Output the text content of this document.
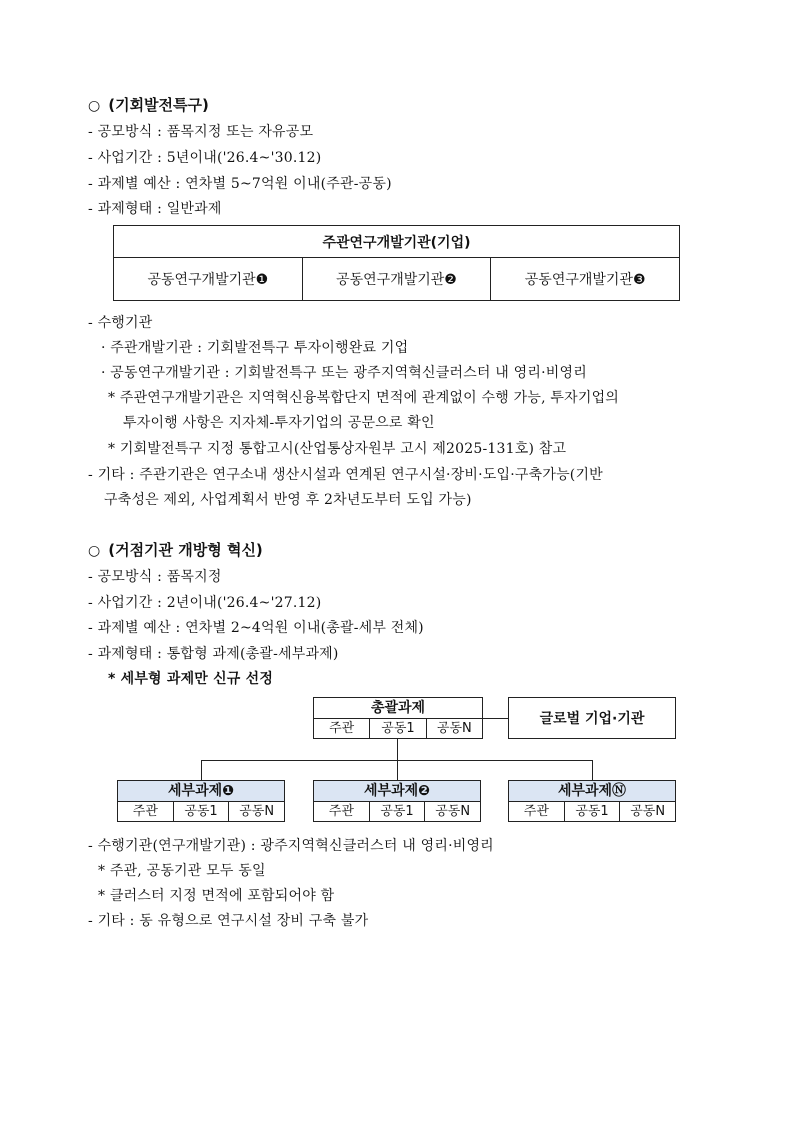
○ (기회발전특구)
- 공모방식 : 품목지정 또는 자유공모
- 사업기간 : 5년이내('26.4~'30.12)
- 과제별 예산 : 연차별 5~7억원 이내(주관-공동)
- 과제형태 : 일반과제
주관연구개발기관(기업)
공동연구개발기관❶	공동연구개발기관❷	공동연구개발기관❸
- 수행기관
· 주관개발기관 : 기회발전특구 투자이행완료 기업
· 공동연구개발기관 : 기회발전특구 또는 광주지역혁신클러스터 내 영리·비영리
* 주관연구개발기관은 지역혁신융복합단지 면적에 관계없이 수행 가능, 투자기업의
투자이행 사항은 지자체-투자기업의 공문으로 확인
* 기회발전특구 지정 통합고시(산업통상자원부 고시 제2025-131호) 참고
- 기타 : 주관기관은 연구소내 생산시설과 연계된 연구시설·장비·도입·구축가능(기반
구축성은 제외, 사업계획서 반영 후 2차년도부터 도입 가능)
○ (거점기관 개방형 혁신)
- 공모방식 : 품목지정
- 사업기간 : 2년이내('26.4~'27.12)
- 과제별 예산 : 연차별 2~4억원 이내(총괄-세부 전체)
- 과제형태 : 통합형 과제(총괄-세부과제)
* 세부형 과제만 신규 선정
총괄과제
주관	공동1	공동N
글로벌 기업·기관
세부과제❶
주관	공동1	공동N
세부과제❷
주관	공동1	공동N
세부과제Ⓝ
주관	공동1	공동N
- 수행기관(연구개발기관) : 광주지역혁신클러스터 내 영리·비영리
* 주관, 공동기관 모두 동일
* 클러스터 지정 면적에 포함되어야 함
- 기타 : 동 유형으로 연구시설 장비 구축 불가
